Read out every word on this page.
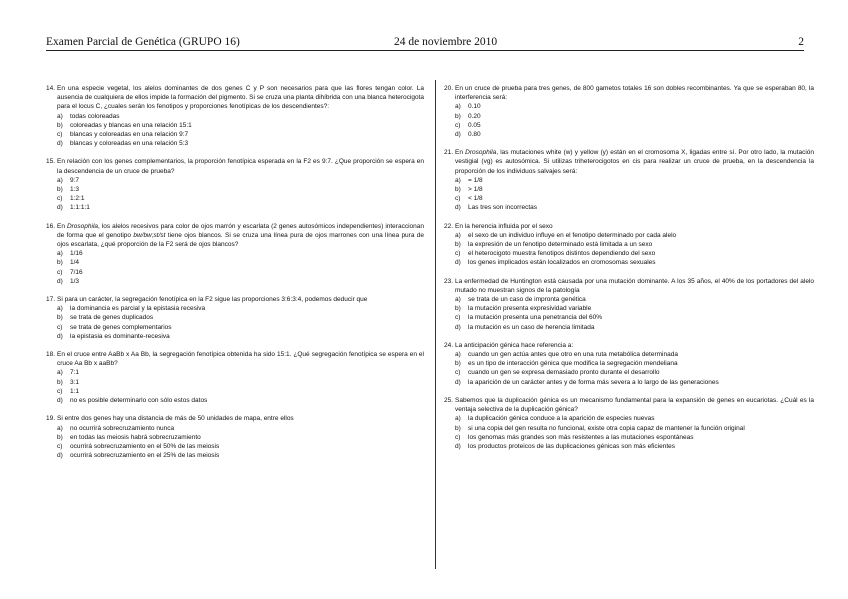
Examen Parcial de Genética (GRUPO 16)	24 de noviembre 2010	2
14. En una especie vegetal, los alelos dominantes de dos genes C y P son necesarios para que las flores tengan color. La ausencia de cualquiera de ellos impide la formación del pigmento. Si se cruza una planta dihíbrida con una blanca heterocigota para el locus C, ¿cuales serán los fenotipos y proporciones fenotípicas de los descendientes?:
a) todas coloreadas
b) coloreadas y blancas en una relación 15:1
c) blancas y coloreadas en una relación 9:7
d) blancas y coloreadas en una relación 5:3
15. En relación con los genes complementarios, la proporción fenotípica esperada en la F2 es 9:7. ¿Que proporción se espera en la descendencia de un cruce de prueba?
a) 9:7
b) 1:3
c) 1:2:1
d) 1:1:1:1
16. En Drosophila, los alelos recesivos para color de ojos marrón y escarlata (2 genes autosómicos independientes) interaccionan de forma que el genotipo bw/bw;st/st tiene ojos blancos. Si se cruza una línea pura de ojos marrones con una línea pura de ojos escarlata, ¿qué proporción de la F2 será de ojos blancos?
a) 1/16
b) 1/4
c) 7/16
d) 1/3
17. Si para un carácter, la segregación fenotípica en la F2 sigue las proporciones 3:6:3:4, podemos deducir que
a) la dominancia es parcial y la epistasia recesiva
b) se trata de genes duplicados
c) se trata de genes complementarios
d) la epistasia es dominante-recesiva
18. En el cruce entre AaBb x Aa Bb, la segregación fenotípica obtenida ha sido 15:1. ¿Qué segregación fenotípica se espera en el cruce Aa Bb x aaBb?
a) 7:1
b) 3:1
c) 1:1
d) no es posible determinarlo con sólo estos datos
19. Si entre dos genes hay una distancia de más de 50 unidades de mapa, entre ellos
a) no ocurrirá sobrecruzamiento nunca
b) en todas las meiosis habrá sobrecruzamiento
c) ocurrirá sobrecruzamiento en el 50% de las meiosis
d) ocurrirá sobrecruzamiento en el 25% de las meiosis
20. En un cruce de prueba para tres genes, de 800 gametos totales 16 son dobles recombinantes. Ya que se esperaban 80, la interferencia será:
a) 0.10
b) 0.20
c) 0.05
d) 0.80
21. En Drosophila, las mutaciones white (w) y yellow (y) están en el cromosoma X, ligadas entre sí. Por otro lado, la mutación vestigial (vg) es autosómica. Si utilizas triheterocigotos en cis para realizar un cruce de prueba, en la descendencia la proporción de los individuos salvajes será:
a) = 1/8
b) > 1/8
c) < 1/8
d) Las tres son incorrectas
22. En la herencia influida por el sexo
a) el sexo de un individuo influye en el fenotipo determinado por cada alelo
b) la expresión de un fenotipo determinado está limitada a un sexo
c) el heterocigoto muestra fenotipos distintos dependiendo del sexo
d) los genes implicados están localizados en cromosomas sexuales
23. La enfermedad de Huntington está causada por una mutación dominante. A los 35 años, el 40% de los portadores del alelo mutado no muestran signos de la patología
a) se trata de un caso de impronta genética
b) la mutación presenta expresividad variable
c) la mutación presenta una penetrancia del 60%
d) la mutación es un caso de herencia limitada
24. La anticipación génica hace referencia a:
a) cuando un gen actúa antes que otro en una ruta metabólica determinada
b) es un tipo de interacción génica que modifica la segregación mendeliana
c) cuando un gen se expresa demasiado pronto durante el desarrollo
d) la aparición de un carácter antes y de forma más severa a lo largo de las generaciones
25. Sabemos que la duplicación génica es un mecanismo fundamental para la expansión de genes en eucariotas. ¿Cuál es la ventaja selectiva de la duplicación génica?
a) la duplicación génica conduce a la aparición de especies nuevas
b) si una copia del gen resulta no funcional, existe otra copia capaz de mantener la función original
c) los genomas más grandes son más resistentes a las mutaciones espontáneas
d) los productos proteicos de las duplicaciones génicas son más eficientes
